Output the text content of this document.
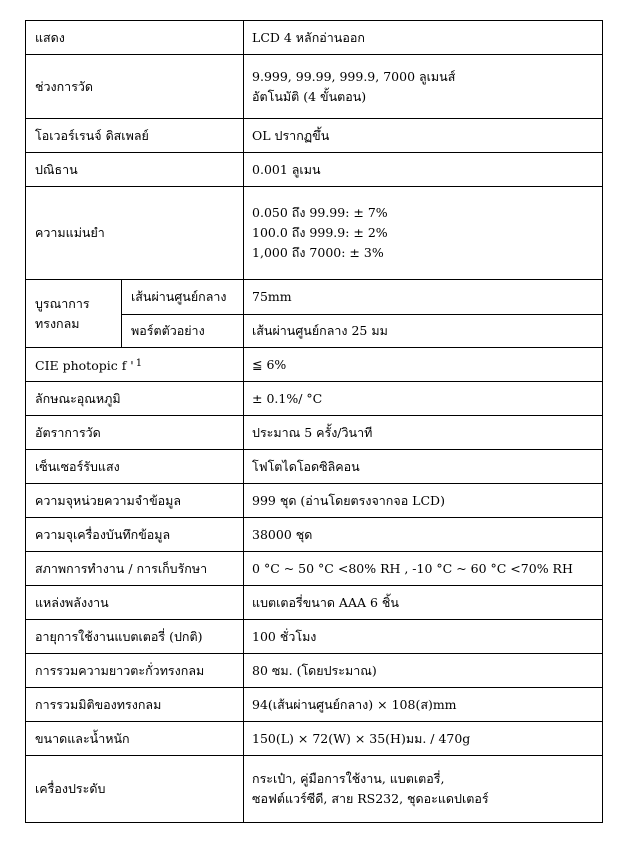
แสดง		LCD 4 หลักอ่านออก
ช่วงการวัด		9.999, 99.99, 999.9, 7000 ลูเมนส์
อัตโนมัติ (4 ขั้นตอน)

โอเวอร์เรนจ์ ดิสเพลย์		OL ปรากฏขึ้น
ปณิธาน		0.001 ลูเมน
ความแม่นยำ		0.050 ถึง 99.99: ± 7%
100.0 ถึง 999.9: ± 2%
1,000 ถึง 7000: ± 3%

บูรณาการ
ทรงกลม	เส้นผ่านศูนย์กลาง	75mm
	พอร์ตตัวอย่าง	เส้นผ่านศูนย์กลาง 25 มม
CIE photopic f ' $^1$		≦ 6%
ลักษณะอุณหภูมิ		± 0.1%/ °C
อัตราการวัด		ประมาณ 5 ครั้ง/วินาที
เซ็นเซอร์รับแสง		โฟโตไดโอดซิลิคอน
ความจุหน่วยความจำข้อมูล		999 ชุด (อ่านโดยตรงจากจอ LCD)
ความจุเครื่องบันทึกข้อมูล		38000 ชุด
สภาพการทำงาน / การเก็บรักษา		0 °C ~ 50 °C <80% RH , -10 °C ~ 60 °C <70% RH
แหล่งพลังงาน		แบตเตอรี่ขนาด AAA 6 ชิ้น
อายุการใช้งานแบตเตอรี่ (ปกติ)		100 ชั่วโมง
การรวมความยาวตะกั่วทรงกลม		80 ซม. (โดยประมาณ)
การรวมมิติของทรงกลม		94(เส้นผ่านศูนย์กลาง) × 108(ส)mm
ขนาดและน้ำหนัก		150(L) × 72(W) × 35(H)มม. / 470g
เครื่องประดับ		กระเป๋า, คู่มือการใช้งาน, แบตเตอรี่,
ซอฟต์แวร์ซีดี, สาย RS232, ชุดอะแดปเตอร์
